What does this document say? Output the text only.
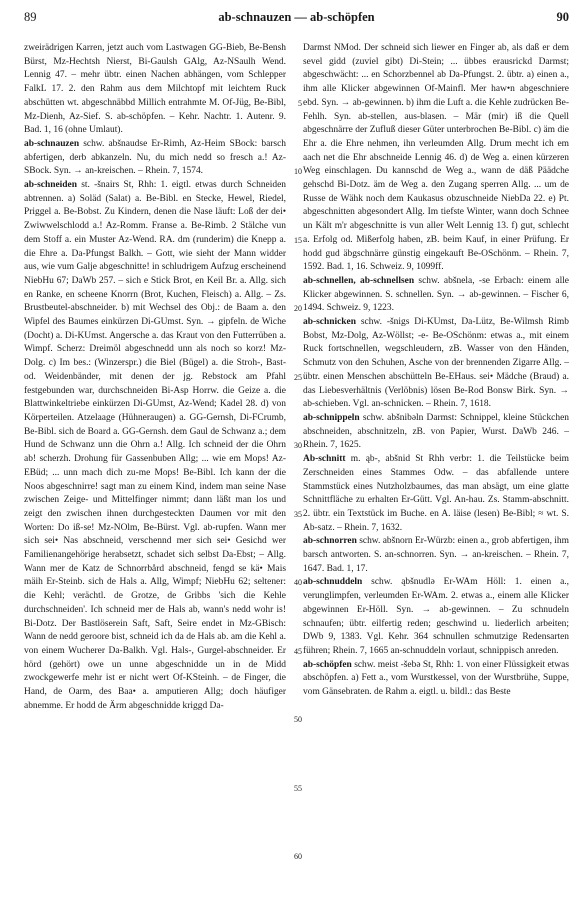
89	ab-schnauzen — ab-schöpfen	90

zweirädrigen Karren, jetzt auch vom Lastwagen GG-Bieb, Be-Bensh Bürst, Mz-Hechtsh Nierst, Bi-Gaulsh GAlg, Az-NSaulh Wend. Lennig 47. – mehr übtr. einen Nachen abhängen, vom Schlepper FalkL 17. 2. den Rahm aus dem Milchtopf mit leichtem Ruck abschütten wt. abgeschnäbbd Millich entrahmte M. Of-Jüg, Be-Bibl, Mz-Dienh, Az-Sief. S. ab-schöpfen. – Kehr. Nachtr. 1. Autenr. 9. Bad. 1, 16 (ohne Umlaut).

ab-schnauzen schw. abšnaudse Er-Rimh, Az-Heim SBock: barsch abfertigen, derb abkanzeln. Nu, du mich nedd so fresch a.! Az-SBock. Syn. → an-kreischen. – Rhein. 7, 1574.

ab-schneiden st. -šnairs St, Rhh: 1. eigtl. etwas durch Schneiden abtrennen. a) Soläd (Salat) a. Be-Bibl. en Stecke, Hewel, Riedel, Priggel a. Be-Bobst. Zu Kindern, denen die Nase läuft: Loß der dei• Zwiwwelschlodd a.! Az-Romm. Franse a. Be-Rimb. 2 Stälche vun dem Stoff a. ein Muster Az-Wend. RA. dm (runderim) die Knepp a. die Ehre a. Da-Pfungst Balkh. – Gott, wie sieht der Mann widder aus, wie vum Galje abgeschnitte! in schludrigem Aufzug erscheinend NiebHu 67; DaWb 257. – sich e Stick Brot, en Keil Br. a. Allg. sich en Ranke, en scheene Knorrn (Brot, Kuchen, Fleisch) a. Allg. – Zs. Brustbeutel-abschneider. b) mit Wechsel des Obj.: de Baam a. den Wipfel des Baumes einkürzen Di-GUmst. Syn. → gipfeln. de Wiche (Docht) a. Di-KUmst. Angersche a. das Kraut von den Futterrüben a. Wimpf. Scherz: Dreimöl abgeschnedd unn als noch so korz! Mz-Dolg. c) Im bes.: (Winzerspr.) die Biel (Bügel) a. die Stroh-, Bast- od. Weidenbänder, mit denen der jg. Rebstock am Pfahl festgebunden war, durchschneiden Bi-Asp Horrw. die Geize a. die Blattwinkeltriebe einkürzen Di-GUmst, Az-Wend; Kadel 28. d) von Körperteilen. Atzelaage (Hühneraugen) a. GG-Gernsh, Di-FCrumb, Be-Bibl. sich de Board a. GG-Gernsh. dem Gaul de Schwanz a.; dem Hund de Schwanz unn die Ohrn a.! Allg. Ich schneid der die Ohrn ab! scherzh. Drohung für Gassenbuben Allg; ... wie em Mops! Az-EBüd; ... unn mach dich zu-me Mops! Be-Bibl. Ich kann der die Noos abgeschnirre! sagt man zu einem Kind, indem man seine Nase zwischen Zeige- und Mittelfinger nimmt; dann läßt man los und zeigt den zwischen ihnen durchgesteckten Daumen vor mit den Worten: Do iß-se! Mz-NOlm, Be-Bürst. Vgl. ab-rupfen. Wann mer sich sei• Nas abschneid, verschennd mer sich sei• Gesichd wer Familienangehörige herabsetzt, schadet sich selbst Da-Ebst; – Allg. Wann mer de Katz de Schnorrbård abschneid, fengd se kä• Mais mäih Er-Steinb. sich de Hals a. Allg, Wimpf; NiebHu 62; seltener: die Kehl; verächtl. de Grotze, de Gribbs 'sich die Kehle durchschneiden'. Ich schneid mer de Hals ab, wann's nedd wohr is! Bi-Dotz. Der Bastlöserein Saft, Saft, Seire endet in Mz-GBisch: Wann de nedd geroore bist, schneid ich da de Hals ab. am die Kehl a. von einem Wucherer Da-Balkh. Vgl. Hals-, Gurgel-abschneider. Er hörd (gehört) owe un unne abgeschnidde un in de Midd zwockgewerfe mehr ist er nicht wert Of-KSteinh. – de Finger, die Hand, de Oarm, des Baa• a. amputieren Allg; doch häufiger abnemme. Er hodd de Ärm abgeschnidde kriggd Da-

5
10
15
20
25
30
35
40
45
50
55
60

Darmst NMod. Der schneid sich liewer en Finger ab, als daß er dem sevel gidd (zuviel gibt) Di-Stein; ... übbes erausrickd Darmst; abgeschwächt: ... en Schorzbennel ab Da-Pfungst. 2. übtr. a) einen a., ihm alle Klicker abgewinnen Of-Mainfl. Mer haw•n abgeschniere ebd. Syn. → ab-gewinnen. b) ihm die Luft a. die Kehle zudrücken Be-Fehlh. Syn. ab-stellen, aus-blasen. – Mär (mir) iß die Quell abgeschnärre der Zufluß dieser Güter unterbrochen Be-Bibl. c) äm die Ehr a. die Ehre nehmen, ihn verleumden Allg. Drum mecht ich em aach net die Ehr abschneide Lennig 46. d) de Weg a. einen kürzeren Weg einschlagen. Du kannschd de Weg a., wann de däß Päädche gehschd Bi-Dotz. äm de Weg a. den Zugang sperren Allg. ... um de Russe de Wähk noch dem Kaukasus obzuschneide NiebDa 22. e) Pt. abgeschnitten abgesondert Allg. Im tiefste Winter, wann doch Schnee un Kält m'r abgeschnitte is vun aller Welt Lennig 13. f) gut, schlecht a. Erfolg od. Mißerfolg haben, zB. beim Kauf, in einer Prüfung. Er hodd gud äbgschnärre günstig eingekauft Be-OSchönm. – Rhein. 7, 1592. Bad. 1, 16. Schweiz. 9, 1099ff.

ab-schnellen, ab-schnellsen schw. abšnela, -se Erbach: einem alle Klicker abgewinnen. S. schnellen. Syn. → ab-gewinnen. – Fischer 6, 1494. Schweiz. 9, 1223.

ab-schnicken schw. -šnigs Di-KUmst, Da-Lütz, Be-Wilmsh Rimb Bobst, Mz-Dolg, Az-Wöllst; -e- Be-OSchönm: etwas a., mit einem Ruck fortschnellen, wegschleudern, zB. Wasser von den Händen, Schmutz von den Schuhen, Asche von der brennenden Zigarre Allg. – übtr. einen Menschen abschütteln Be-EHaus. sei• Mädche (Braud) a. das Liebesverhältnis (Verlöbnis) lösen Be-Rod Bonsw Birk. Syn. → ab-schieben. Vgl. an-schnicken. – Rhein. 7, 1618.

ab-schnippeln schw. abšnibəln Darmst: Schnippel, kleine Stückchen abschneiden, abschnitzeln, zB. von Papier, Wurst. DaWb 246. – Rhein. 7, 1625.

Ab-schnitt m. ąb-, abšnid St Rhh verbr: 1. die Teilstücke beim Zerschneiden eines Stammes Odw. – das abfallende untere Stammstück eines Nutzholzbaumes, das man absägt, um eine glatte Schnittfläche zu erhalten Er-Gütt. Vgl. An-hau. Zs. Stamm-abschnitt. 2. übtr. ein Textstück im Buche. en A. läise (lesen) Be-Bibl; ≈ wt. S. Ab-satz. – Rhein. 7, 1632.

ab-schnorren schw. abšnorn Er-Würzb: einen a., grob abfertigen, ihm barsch antworten. S. an-schnorren. Syn. → an-kreischen. – Rhein. 7, 1647. Bad. 1, 17.

ab-schnuddeln schw. ąbšnudlə Er-WAm Höll: 1. einen a., verunglimpfen, verleumden Er-WAm. 2. etwas a., einem alle Klicker abgewinnen Er-Höll. Syn. → ab-gewinnen. – Zu schnudeln schnaufen; übtr. eilfertig reden; geschwind u. liederlich arbeiten; DWb 9, 1383. Vgl. Kehr. 364 schnullen schmutzige Redensarten führen; Rhein. 7, 1665 an-schnuddeln vorlaut, schnippisch anreden.

ab-schöpfen schw. meist -šebə St, Rhh: 1. von einer Flüssigkeit etwas abschöpfen. a) Fett a., vom Wurstkessel, von der Wurstbrühe, Suppe, vom Gänsebraten. de Rahm a. eigtl. u. bildl.: das Beste
